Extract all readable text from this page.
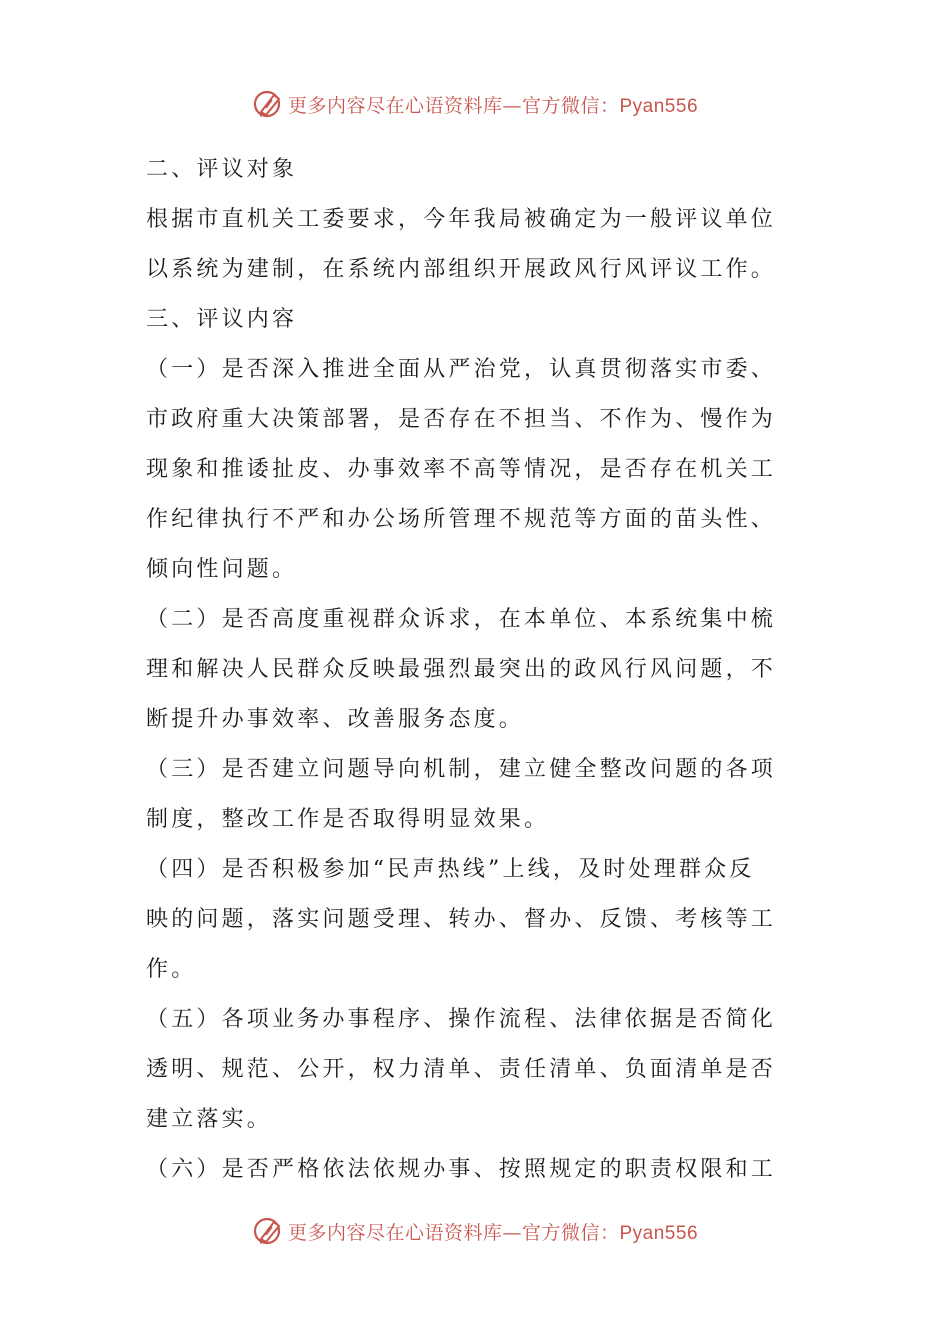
更多内容尽在心语资料库—官方微信：Pyan556
二、评议对象
根据市直机关工委要求，今年我局被确定为一般评议单位
以系统为建制，在系统内部组织开展政风行风评议工作。
三、评议内容
（一）是否深入推进全面从严治党，认真贯彻落实市委、
市政府重大决策部署，是否存在不担当、不作为、慢作为
现象和推诿扯皮、办事效率不高等情况，是否存在机关工
作纪律执行不严和办公场所管理不规范等方面的苗头性、
倾向性问题。
（二）是否高度重视群众诉求，在本单位、本系统集中梳
理和解决人民群众反映最强烈最突出的政风行风问题，不
断提升办事效率、改善服务态度。
（三）是否建立问题导向机制，建立健全整改问题的各项
制度，整改工作是否取得明显效果。
（四）是否积极参加“民声热线”上线，及时处理群众反
映的问题，落实问题受理、转办、督办、反馈、考核等工
作。
（五）各项业务办事程序、操作流程、法律依据是否简化
透明、规范、公开，权力清单、责任清单、负面清单是否
建立落实。
（六）是否严格依法依规办事、按照规定的职责权限和工
更多内容尽在心语资料库—官方微信：Pyan556
